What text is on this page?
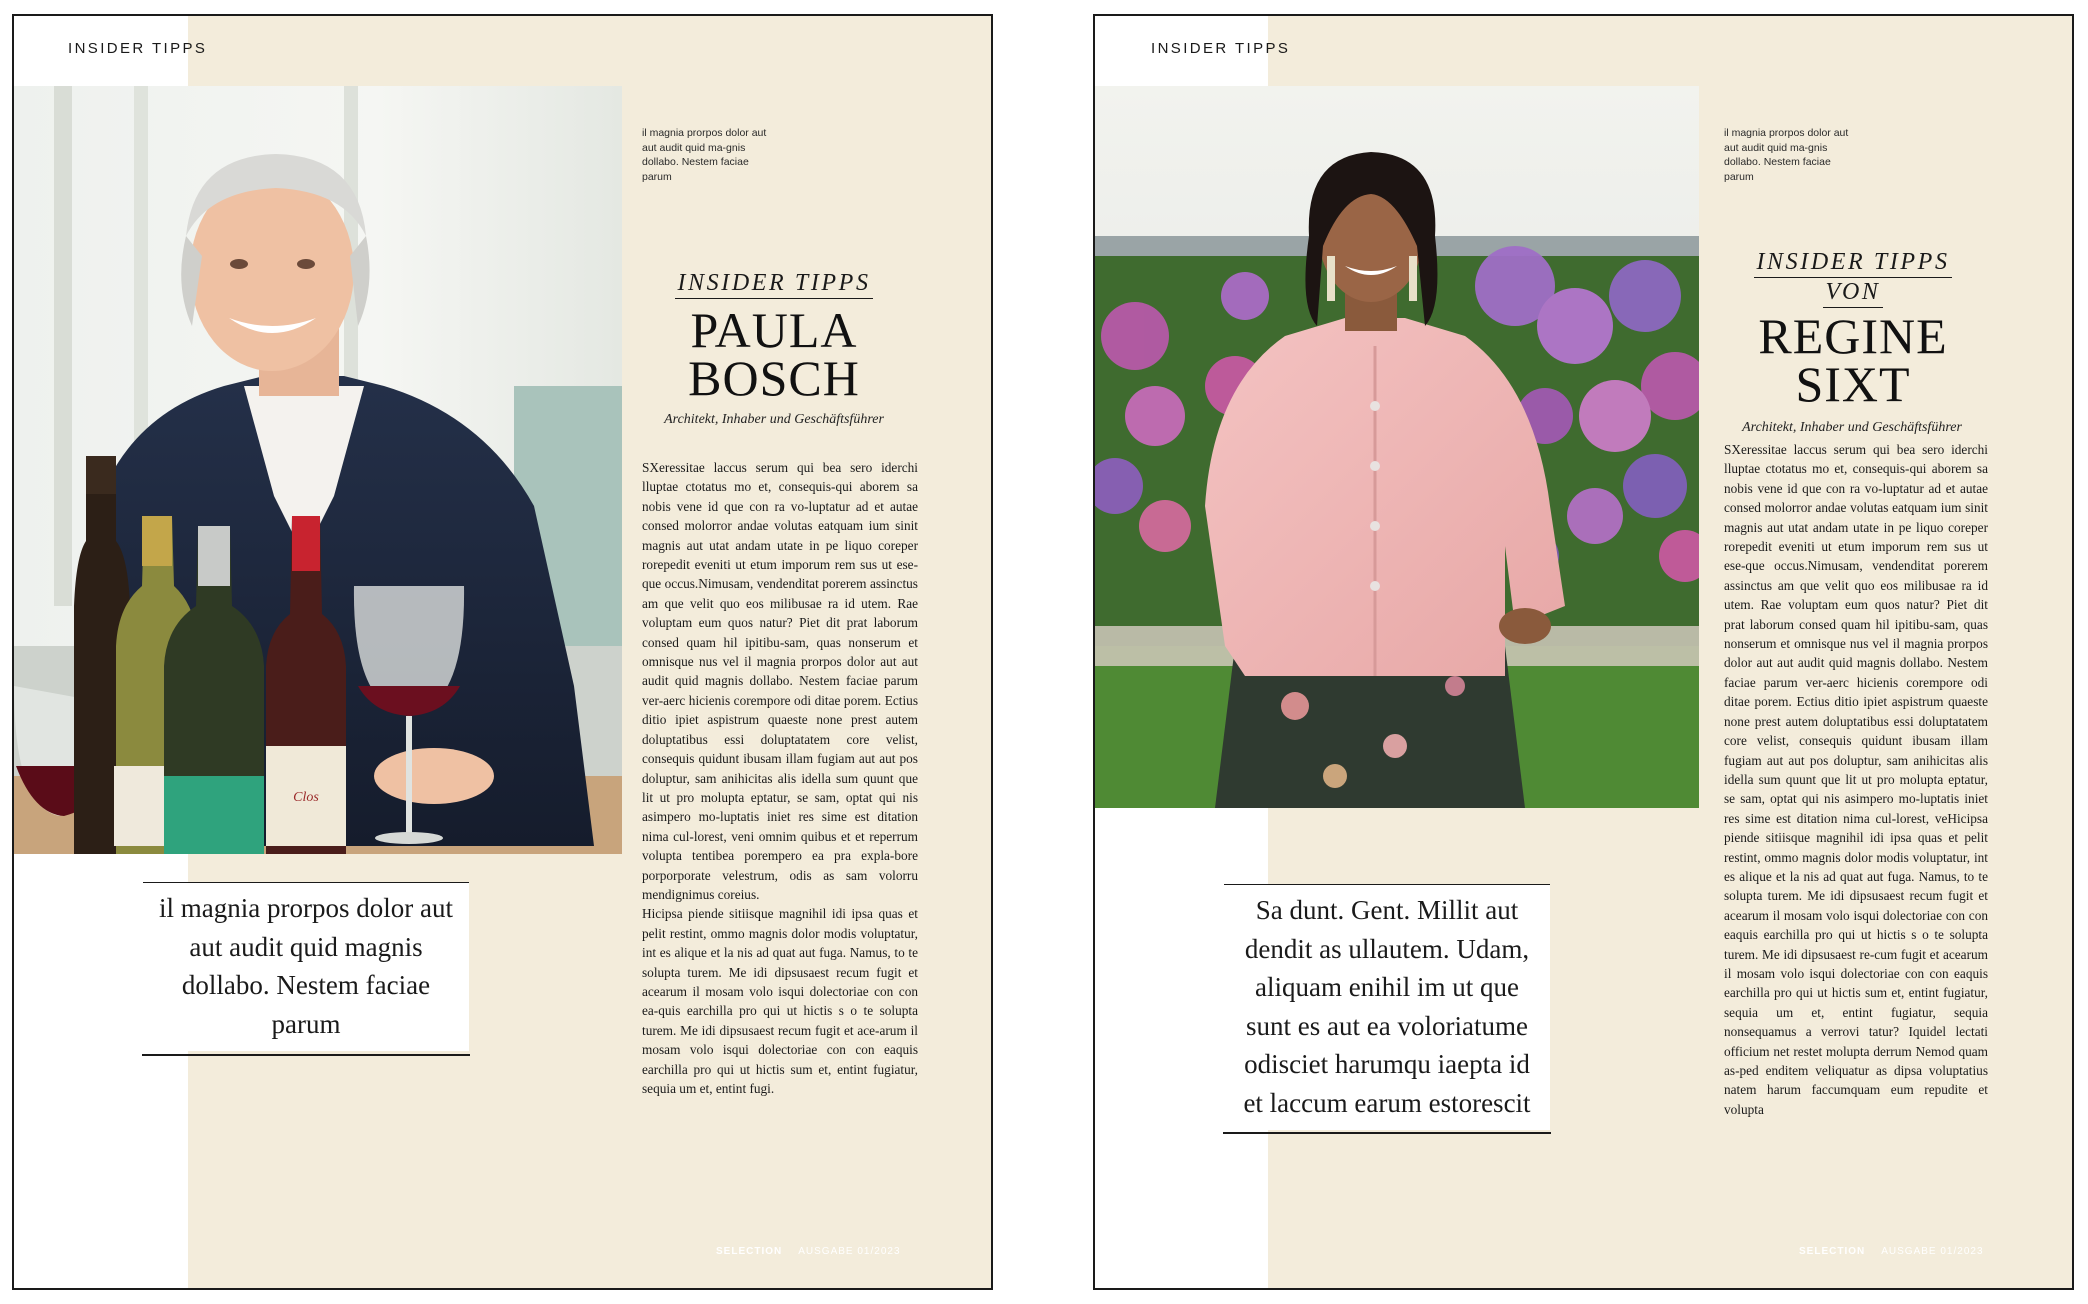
INSIDER TIPPS
Clos
il magnia prorpos dolor aut aut audit quid ma-gnis dollabo. Nestem faciae parum
INSIDER TIPPS
PAULA
BOSCH
Architekt, Inhaber und Geschäftsführer

SXeressitae laccus serum qui bea sero iderchi lluptae ctotatus mo et, consequis-qui aborem sa nobis vene id que con ra vo-luptatur ad et autae consed molorror andae volutas eatquam ium sinit magnis aut utat andam utate in pe liquo coreper rorepedit eveniti ut etum imporum rem sus ut ese-que occus.Nimusam, vendenditat porerem assinctus am que velit quo eos milibusae ra id utem. Rae voluptam eum quos natur? Piet dit prat laborum consed quam hil ipitibu-sam, quas nonserum et omnisque nus vel il magnia prorpos dolor aut aut audit quid magnis dollabo. Nestem faciae parum ver-aerc hicienis corempore odi ditae porem. Ectius ditio ipiet aspistrum quaeste none prest autem doluptatibus essi doluptatatem core velist, consequis quidunt ibusam illam fugiam aut aut pos doluptur, sam anihicitas alis idella sum quunt que lit ut pro molupta eptatur, se sam, optat qui nis asimpero mo-luptatis iniet res sime est ditation nima cul-lorest, veni omnim quibus et et reperrum volupta tentibea porempero ea pra expla-bore porporporate velestrum, odis as sam volorru mendignimus coreius.

Hicipsa piende sitiisque magnihil idi ipsa quas et pelit restint, ommo magnis dolor modis voluptatur, int es alique et la nis ad quat aut fuga. Namus, to te solupta turem. Me idi dipsusaest recum fugit et acearum il mosam volo isqui dolectoriae con con ea-quis earchilla pro qui ut hictis s o te solupta turem. Me idi dipsusaest recum fugit et ace-arum il mosam volo isqui dolectoriae con con eaquis earchilla pro qui ut hictis sum et, entint fugiatur, sequia um et, entint fugi.

il magnia prorpos dolor aut aut audit quid magnis dollabo. Nestem faciae parum
SELECTION AUSGABE 01/2023
INSIDER TIPPS
il magnia prorpos dolor aut aut audit quid ma-gnis dollabo. Nestem faciae parum
INSIDER TIPPS
VON
REGINE
SIXT
Architekt, Inhaber und Geschäftsführer

SXeressitae laccus serum qui bea sero iderchi lluptae ctotatus mo et, consequis-qui aborem sa nobis vene id que con ra vo-luptatur ad et autae consed molorror andae volutas eatquam ium sinit magnis aut utat andam utate in pe liquo coreper rorepedit eveniti ut etum imporum rem sus ut ese-que occus.Nimusam, vendenditat porerem assinctus am que velit quo eos milibusae ra id utem. Rae voluptam eum quos natur? Piet dit prat laborum consed quam hil ipitibu-sam, quas nonserum et omnisque nus vel il magnia prorpos dolor aut aut audit quid magnis dollabo. Nestem faciae parum ver-aerc hicienis corempore odi ditae porem. Ectius ditio ipiet aspistrum quaeste none prest autem doluptatibus essi doluptatatem core velist, consequis quidunt ibusam illam fugiam aut aut pos doluptur, sam anihicitas alis idella sum quunt que lit ut pro molupta eptatur, se sam, optat qui nis asimpero mo-luptatis iniet res sime est ditation nima cul-lorest, veHicipsa piende sitiisque magnihil idi ipsa quas et pelit restint, ommo magnis dolor modis voluptatur, int es alique et la nis ad quat aut fuga. Namus, to te solupta turem. Me idi dipsusaest recum fugit et acearum il mosam volo isqui dolectoriae con con eaquis earchilla pro qui ut hictis s o te solupta turem. Me idi dipsusaest re-cum fugit et acearum il mosam volo isqui dolectoriae con con eaquis earchilla pro qui ut hictis sum et, entint fugiatur, sequia um et, entint fugiatur, sequia nonsequamus a verrovi tatur? Iquidel lectati officium net restet molupta derrum Nemod quam as-ped enditem veliquatur as dipsa voluptatius natem harum faccumquam eum repudite et volupta

Sa dunt. Gent. Millit aut dendit as ullautem. Udam, aliquam enihil im ut que sunt es aut ea voloriatume odisciet harumqu iaepta id et laccum earum estorescit
SELECTION AUSGABE 01/2023
